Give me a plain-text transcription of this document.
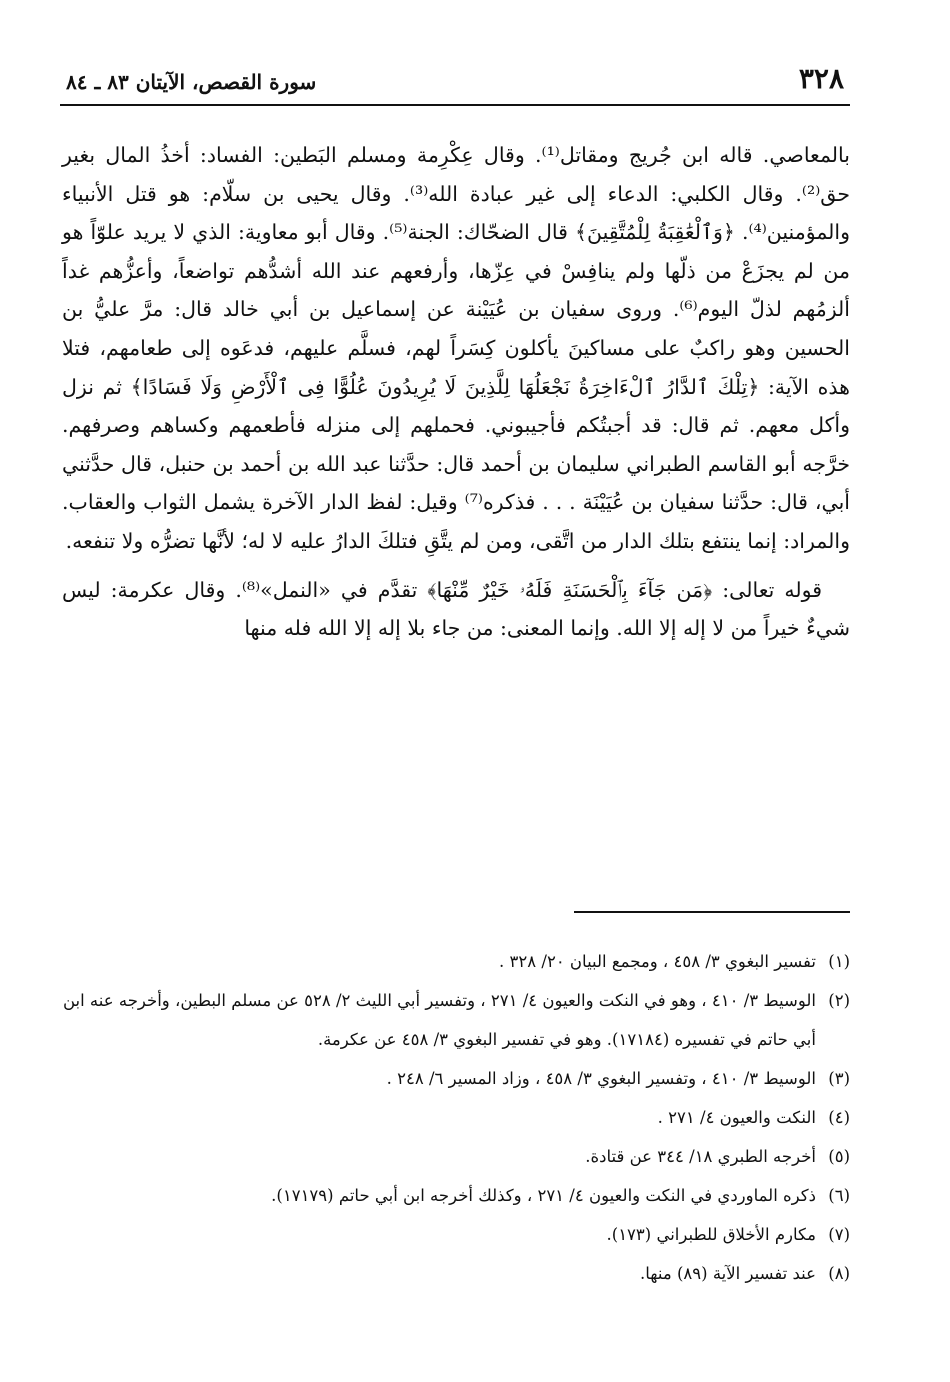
٣٢٨
سورة القصص، الآيتان ٨٣ ـ ٨٤

بالمعاصي. قاله ابن جُريج ومقاتل⁽¹⁾. وقال عِكْرِمة ومسلم البَطين: الفساد: أخذُ المال بغير حق⁽²⁾. وقال الكلبي: الدعاء إلى غير عبادة الله⁽³⁾. وقال يحيى بن سلّام: هو قتل الأنبياء والمؤمنين⁽⁴⁾. ﴿وَٱلْعَٰقِبَةُ لِلْمُتَّقِينَ﴾ قال الضحّاك: الجنة⁽⁵⁾. وقال أبو معاوية: الذي لا يريد علوّاً هو من لم يجزَعْ من ذلّها ولم ينافِسْ في عِزّها، وأرفعهم عند الله أشدُّهم تواضعاً، وأعزُّهم غداً ألزمُهم لذلّ اليوم⁽⁶⁾. وروى سفيان بن عُيَيْنة عن إسماعيل بن أبي خالد قال: مرَّ عليُّ بن الحسين وهو راكبٌ على مساكينَ يأكلون كِسَراً لهم، فسلَّم عليهم، فدعَوه إلى طعامهم، فتلا هذه الآية: ﴿تِلْكَ ٱلدَّارُ ٱلْءَاخِرَةُ نَجْعَلُهَا لِلَّذِينَ لَا يُرِيدُونَ عُلُوًّا فِى ٱلْأَرْضِ وَلَا فَسَادًا﴾ ثم نزل وأكل معهم. ثم قال: قد أجبتُكم فأجيبوني. فحملهم إلى منزله فأطعمهم وكساهم وصرفهم. خرَّجه أبو القاسم الطبراني سليمان بن أحمد قال: حدَّثنا عبد الله بن أحمد بن حنبل، قال حدَّثني أبي، قال: حدَّثنا سفيان بن عُيَيْنَة . . . فذكره⁽⁷⁾ وقيل: لفظ الدار الآخرة يشمل الثواب والعقاب. والمراد: إنما ينتفع بتلك الدار من اتَّقى، ومن لم يتَّقِ فتلكَ الدارُ عليه لا له؛ لأنَّها تضرُّه ولا تنفعه.

قوله تعالى: ﴿مَن جَآءَ بِٱلْحَسَنَةِ فَلَهُۥ خَيْرٌ مِّنْهَا﴾ تقدَّم في «النمل»⁽⁸⁾. وقال عكرمة: ليس شيءٌ خيراً من لا إله إلا الله. وإنما المعنى: من جاء بلا إله إلا الله فله منها

(١)تفسير البغوي ٣/ ٤٥٨ ، ومجمع البيان ٢٠/ ٣٢٨ .

(٢)الوسيط ٣/ ٤١٠ ، وهو في النكت والعيون ٤/ ٢٧١ ، وتفسير أبي الليث ٢/ ٥٢٨ عن مسلم البطين، وأخرجه عنه ابن أبي حاتم في تفسيره (١٧١٨٤). وهو في تفسير البغوي ٣/ ٤٥٨ عن عكرمة.

(٣)الوسيط ٣/ ٤١٠ ، وتفسير البغوي ٣/ ٤٥٨ ، وزاد المسير ٦/ ٢٤٨ .

(٤)النكت والعيون ٤/ ٢٧١ .

(٥)أخرجه الطبري ١٨/ ٣٤٤ عن قتادة.

(٦)ذكره الماوردي في النكت والعيون ٤/ ٢٧١ ، وكذلك أخرجه ابن أبي حاتم (١٧١٧٩).

(٧)مكارم الأخلاق للطبراني (١٧٣).

(٨)عند تفسير الآية (٨٩) منها.
